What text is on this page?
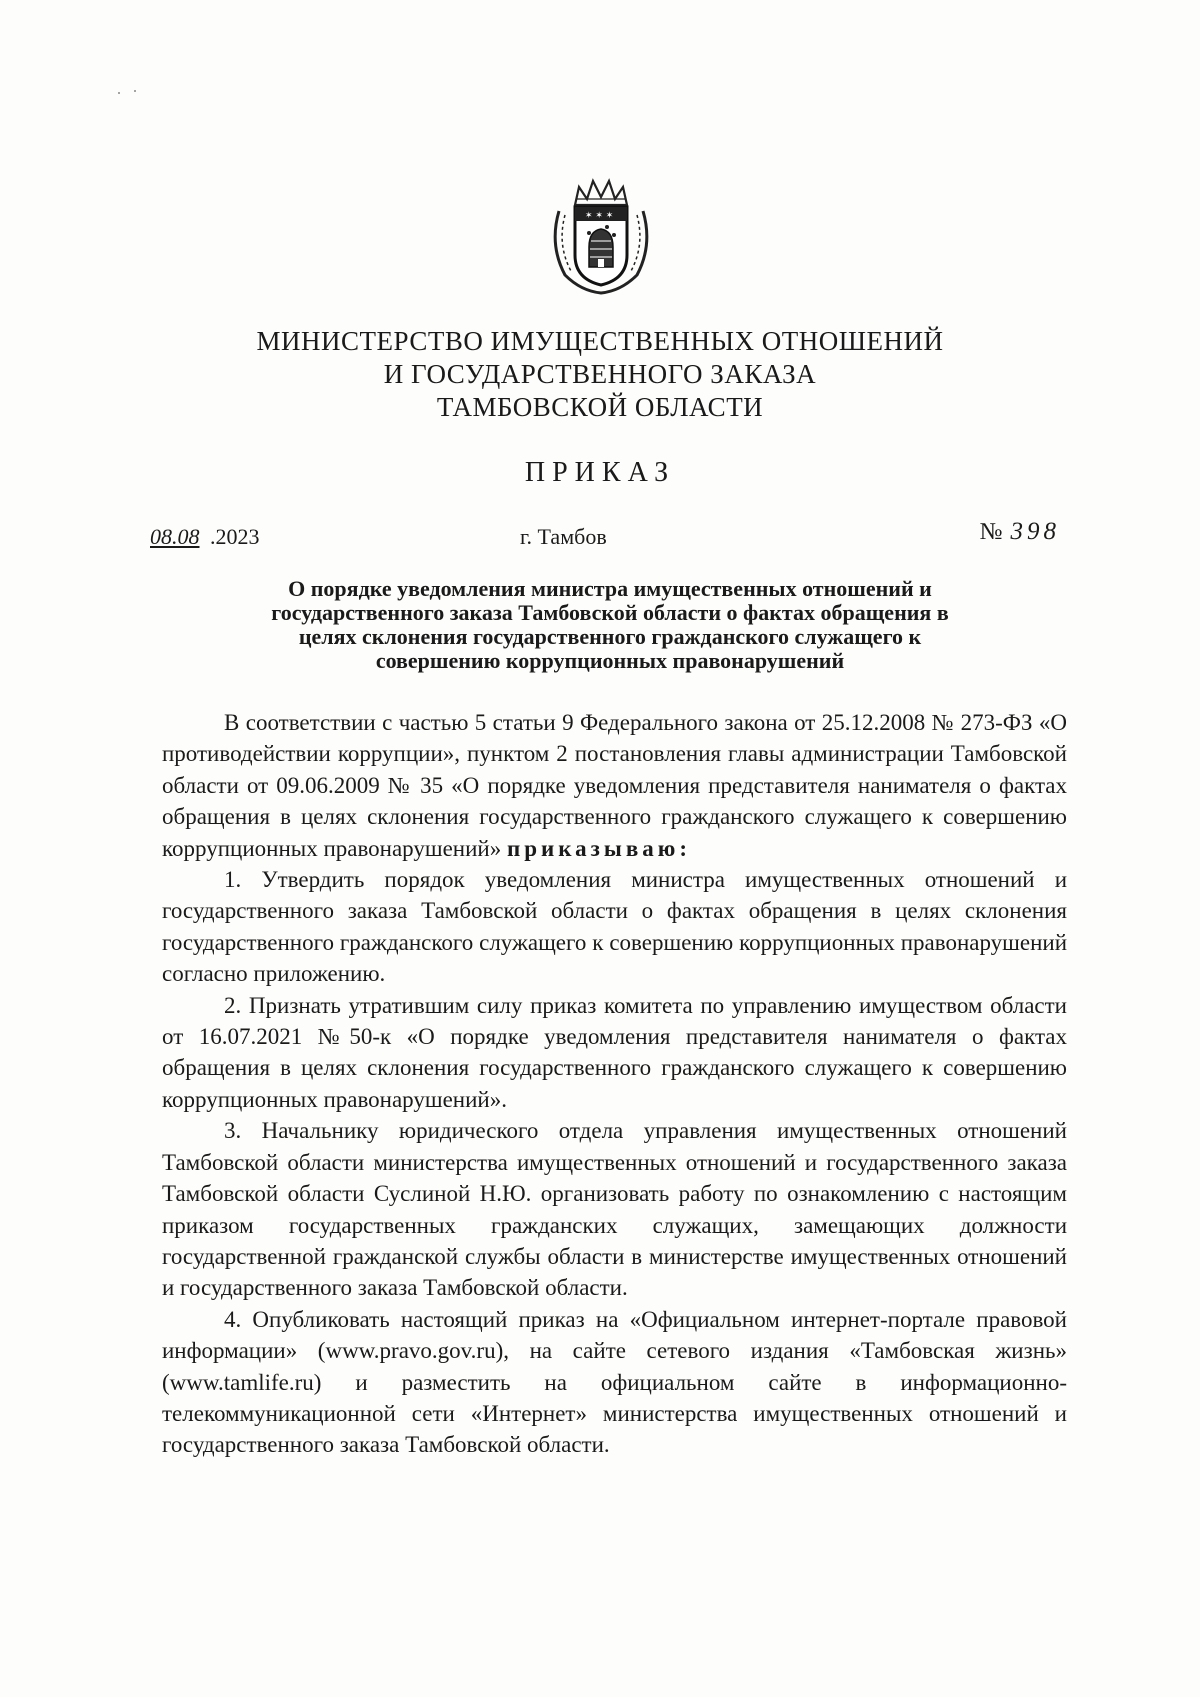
✶ ✶ ✶
МИНИСТЕРСТВО ИМУЩЕСТВЕННЫХ ОТНОШЕНИЙ
И ГОСУДАРСТВЕННОГО ЗАКАЗА
ТАМБОВСКОЙ ОБЛАСТИ
ПРИКАЗ
08.08 .2023	г. Тамбов	№ 398
О порядке уведомления министра имущественных отношений и
государственного заказа Тамбовской области о фактах обращения в
целях склонения государственного гражданского служащего к
совершению коррупционных правонарушений

В соответствии с частью 5 статьи 9 Федерального закона от 25.12.2008 № 273-ФЗ «О противодействии коррупции», пунктом 2 постановления главы администрации Тамбовской области от 09.06.2009 № 35 «О порядке уведомления представителя нанимателя о фактах обращения в целях склонения государственного гражданского служащего к совершению коррупционных правонарушений» приказываю:

1. Утвердить порядок уведомления министра имущественных отношений и государственного заказа Тамбовской области о фактах обращения в целях склонения государственного гражданского служащего к совершению коррупционных правонарушений согласно приложению.

2. Признать утратившим силу приказ комитета по управлению имуществом области от 16.07.2021 №50-к «О порядке уведомления представителя нанимателя о фактах обращения в целях склонения государственного гражданского служащего к совершению коррупционных правонарушений».

3. Начальнику юридического отдела управления имущественных отношений Тамбовской области министерства имущественных отношений и государственного заказа Тамбовской области Суслиной Н.Ю. организовать работу по ознакомлению с настоящим приказом государственных гражданских служащих, замещающих должности государственной гражданской службы области в министерстве имущественных отношений и государственного заказа Тамбовской области.

4. Опубликовать настоящий приказ на «Официальном интернет-портале правовой информации» (www.pravo.gov.ru), на сайте сетевого издания «Тамбовская жизнь» (www.tamlife.ru) и разместить на официальном сайте в информационно-телекоммуникационной сети «Интернет» министерства имущественных отношений и государственного заказа Тамбовской области.
